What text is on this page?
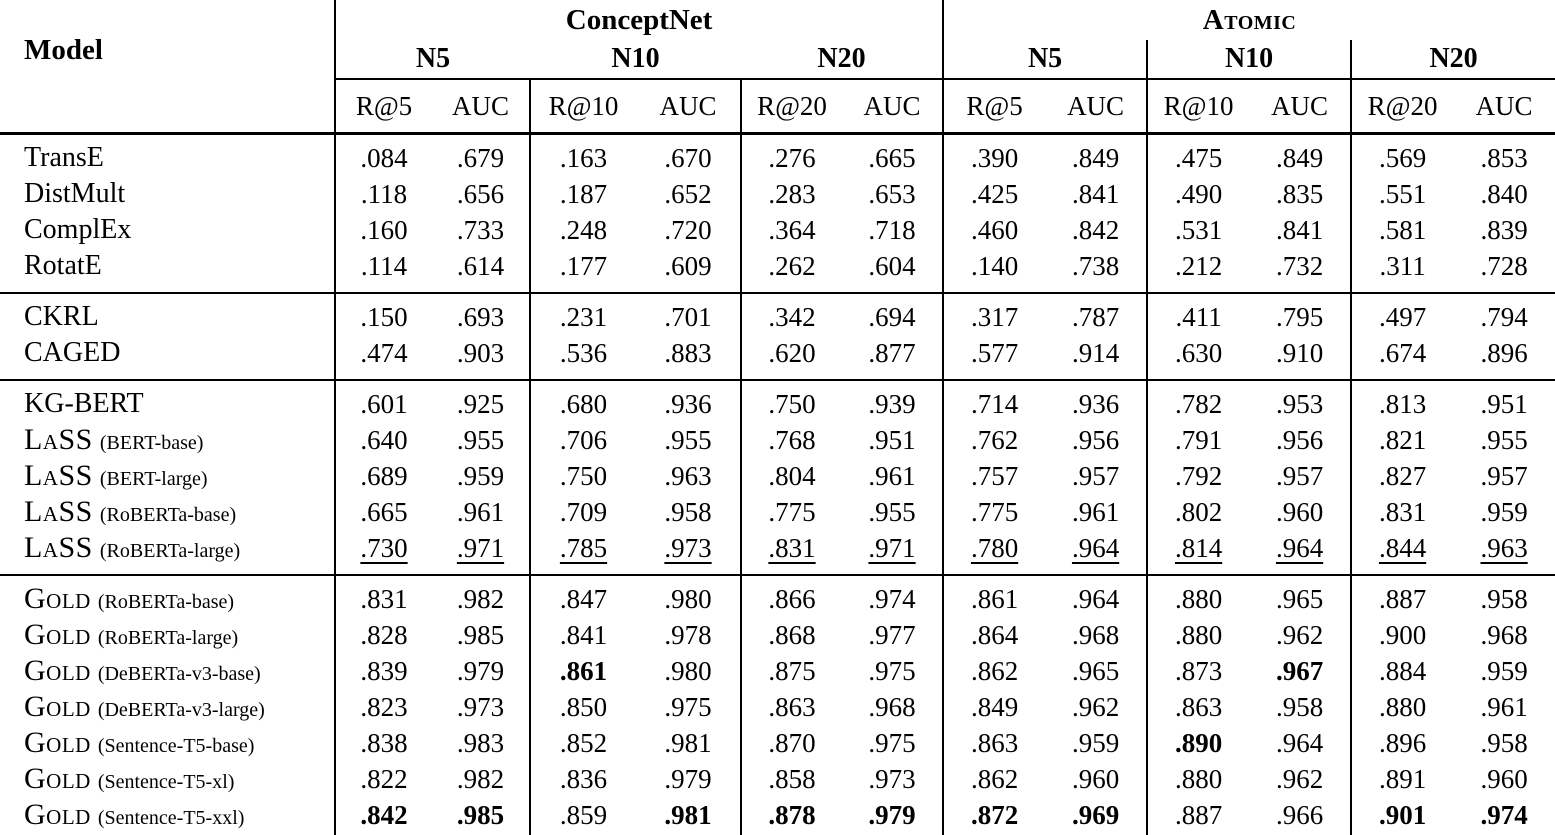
Model	ConceptNet						Atomic					
	N5		N10		N20		N5		N10		N20	
	R@5	AUC	R@10	AUC	R@20	AUC	R@5	AUC	R@10	AUC	R@20	AUC
TransE	.084	.679	.163	.670	.276	.665	.390	.849	.475	.849	.569	.853
DistMult	.118	.656	.187	.652	.283	.653	.425	.841	.490	.835	.551	.840
ComplEx	.160	.733	.248	.720	.364	.718	.460	.842	.531	.841	.581	.839
RotatE	.114	.614	.177	.609	.262	.604	.140	.738	.212	.732	.311	.728
CKRL	.150	.693	.231	.701	.342	.694	.317	.787	.411	.795	.497	.794
CAGED	.474	.903	.536	.883	.620	.877	.577	.914	.630	.910	.674	.896
KG-BERT	.601	.925	.680	.936	.750	.939	.714	.936	.782	.953	.813	.951
LaSS (BERT-base)	.640	.955	.706	.955	.768	.951	.762	.956	.791	.956	.821	.955
LaSS (BERT-large)	.689	.959	.750	.963	.804	.961	.757	.957	.792	.957	.827	.957
LaSS (RoBERTa-base)	.665	.961	.709	.958	.775	.955	.775	.961	.802	.960	.831	.959
LaSS (RoBERTa-large)	.730	.971	.785	.973	.831	.971	.780	.964	.814	.964	.844	.963
Gold (RoBERTa-base)	.831	.982	.847	.980	.866	.974	.861	.964	.880	.965	.887	.958
Gold (RoBERTa-large)	.828	.985	.841	.978	.868	.977	.864	.968	.880	.962	.900	.968
Gold (DeBERTa-v3-base)	.839	.979	.861	.980	.875	.975	.862	.965	.873	.967	.884	.959
Gold (DeBERTa-v3-large)	.823	.973	.850	.975	.863	.968	.849	.962	.863	.958	.880	.961
Gold (Sentence-T5-base)	.838	.983	.852	.981	.870	.975	.863	.959	.890	.964	.896	.958
Gold (Sentence-T5-xl)	.822	.982	.836	.979	.858	.973	.862	.960	.880	.962	.891	.960
Gold (Sentence-T5-xxl)	.842	.985	.859	.981	.878	.979	.872	.969	.887	.966	.901	.974
